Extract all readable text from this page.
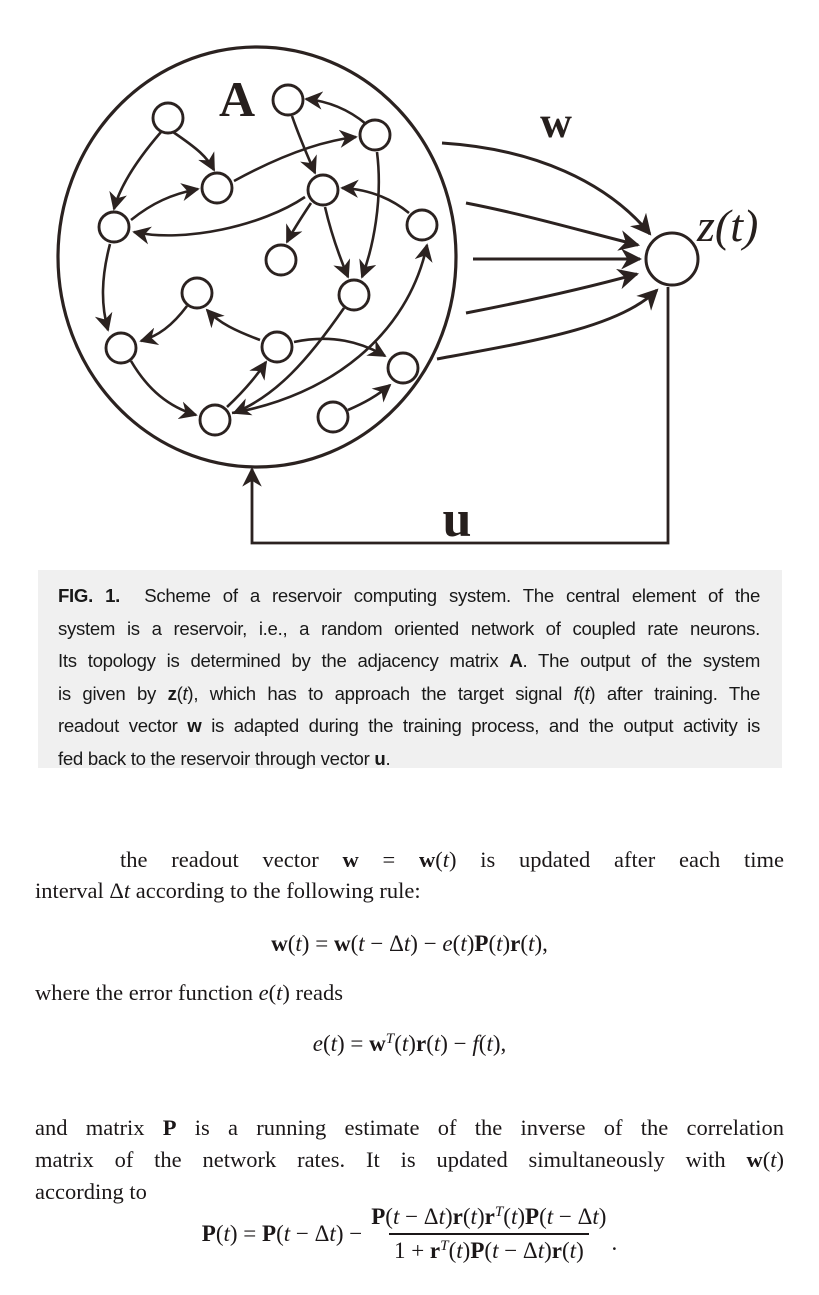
A	w
z(t)
u
FIG. 1.  Scheme of a reservoir computing system. The central element of the
system is a reservoir, i.e., a random oriented network of coupled rate neurons.
Its topology is determined by the adjacency matrix A. The output of the system
is given by z(t), which has to approach the target signal f(t) after training. The
readout vector w is adapted during the training process, and the output activity is
fed back to the reservoir through vector u.
the readout vector w = w(t) is updated after each time
interval Δt according to the following rule:
w(t) = w(t − Δt) − e(t)P(t)r(t),
where the error function e(t) reads
$e(t) = w^T(t)r(t) - f(t)$,
and matrix P is a running estimate of the inverse of the correlation
matrix of the network rates. It is updated simultaneously with w(t)
according to
$P(t) = P(t - \Delta t) - \frac{P(t - \Delta t)r(t)r^T(t)P(t - \Delta t)}{1 + r^T(t)P(t - \Delta t)r(t)}$ .
